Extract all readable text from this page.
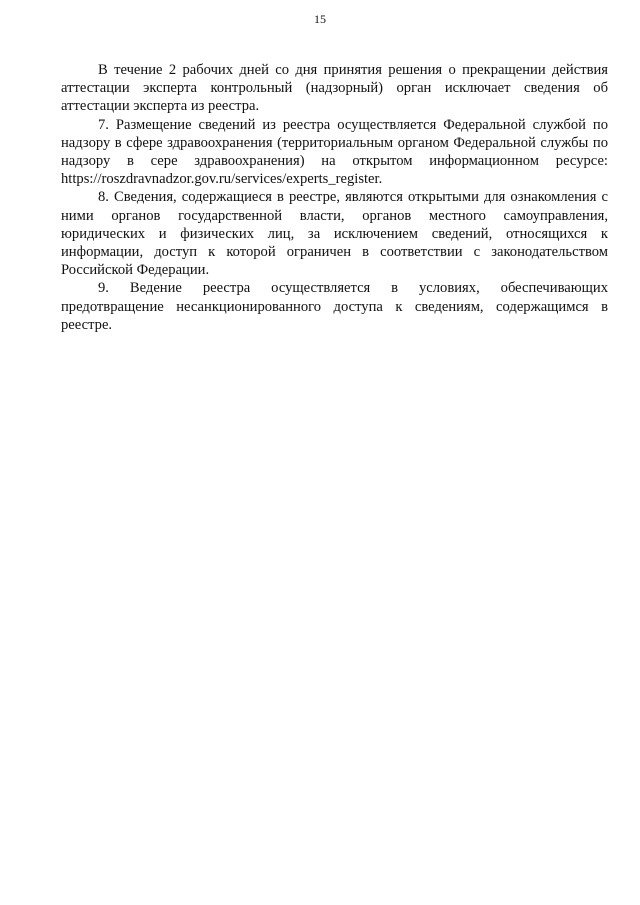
15

В течение 2 рабочих дней со дня принятия решения о прекращении действия аттестации эксперта контрольный (надзорный) орган исключает сведения об аттестации эксперта из реестра.

7. Размещение сведений из реестра осуществляется Федеральной службой по надзору в сфере здравоохранения (территориальным органом Федеральной службы по надзору в сере здравоохранения) на открытом информационном ресурсе: https://roszdravnadzor.gov.ru/services/experts_register.

8. Сведения, содержащиеся в реестре, являются открытыми для ознакомления с ними органов государственной власти, органов местного самоуправления, юридических и физических лиц, за исключением сведений, относящихся к информации, доступ к которой ограничен в соответствии с законодательством Российской Федерации.

9. Ведение реестра осуществляется в условиях, обеспечивающих предотвращение несанкционированного доступа к сведениям, содержащимся в реестре.
